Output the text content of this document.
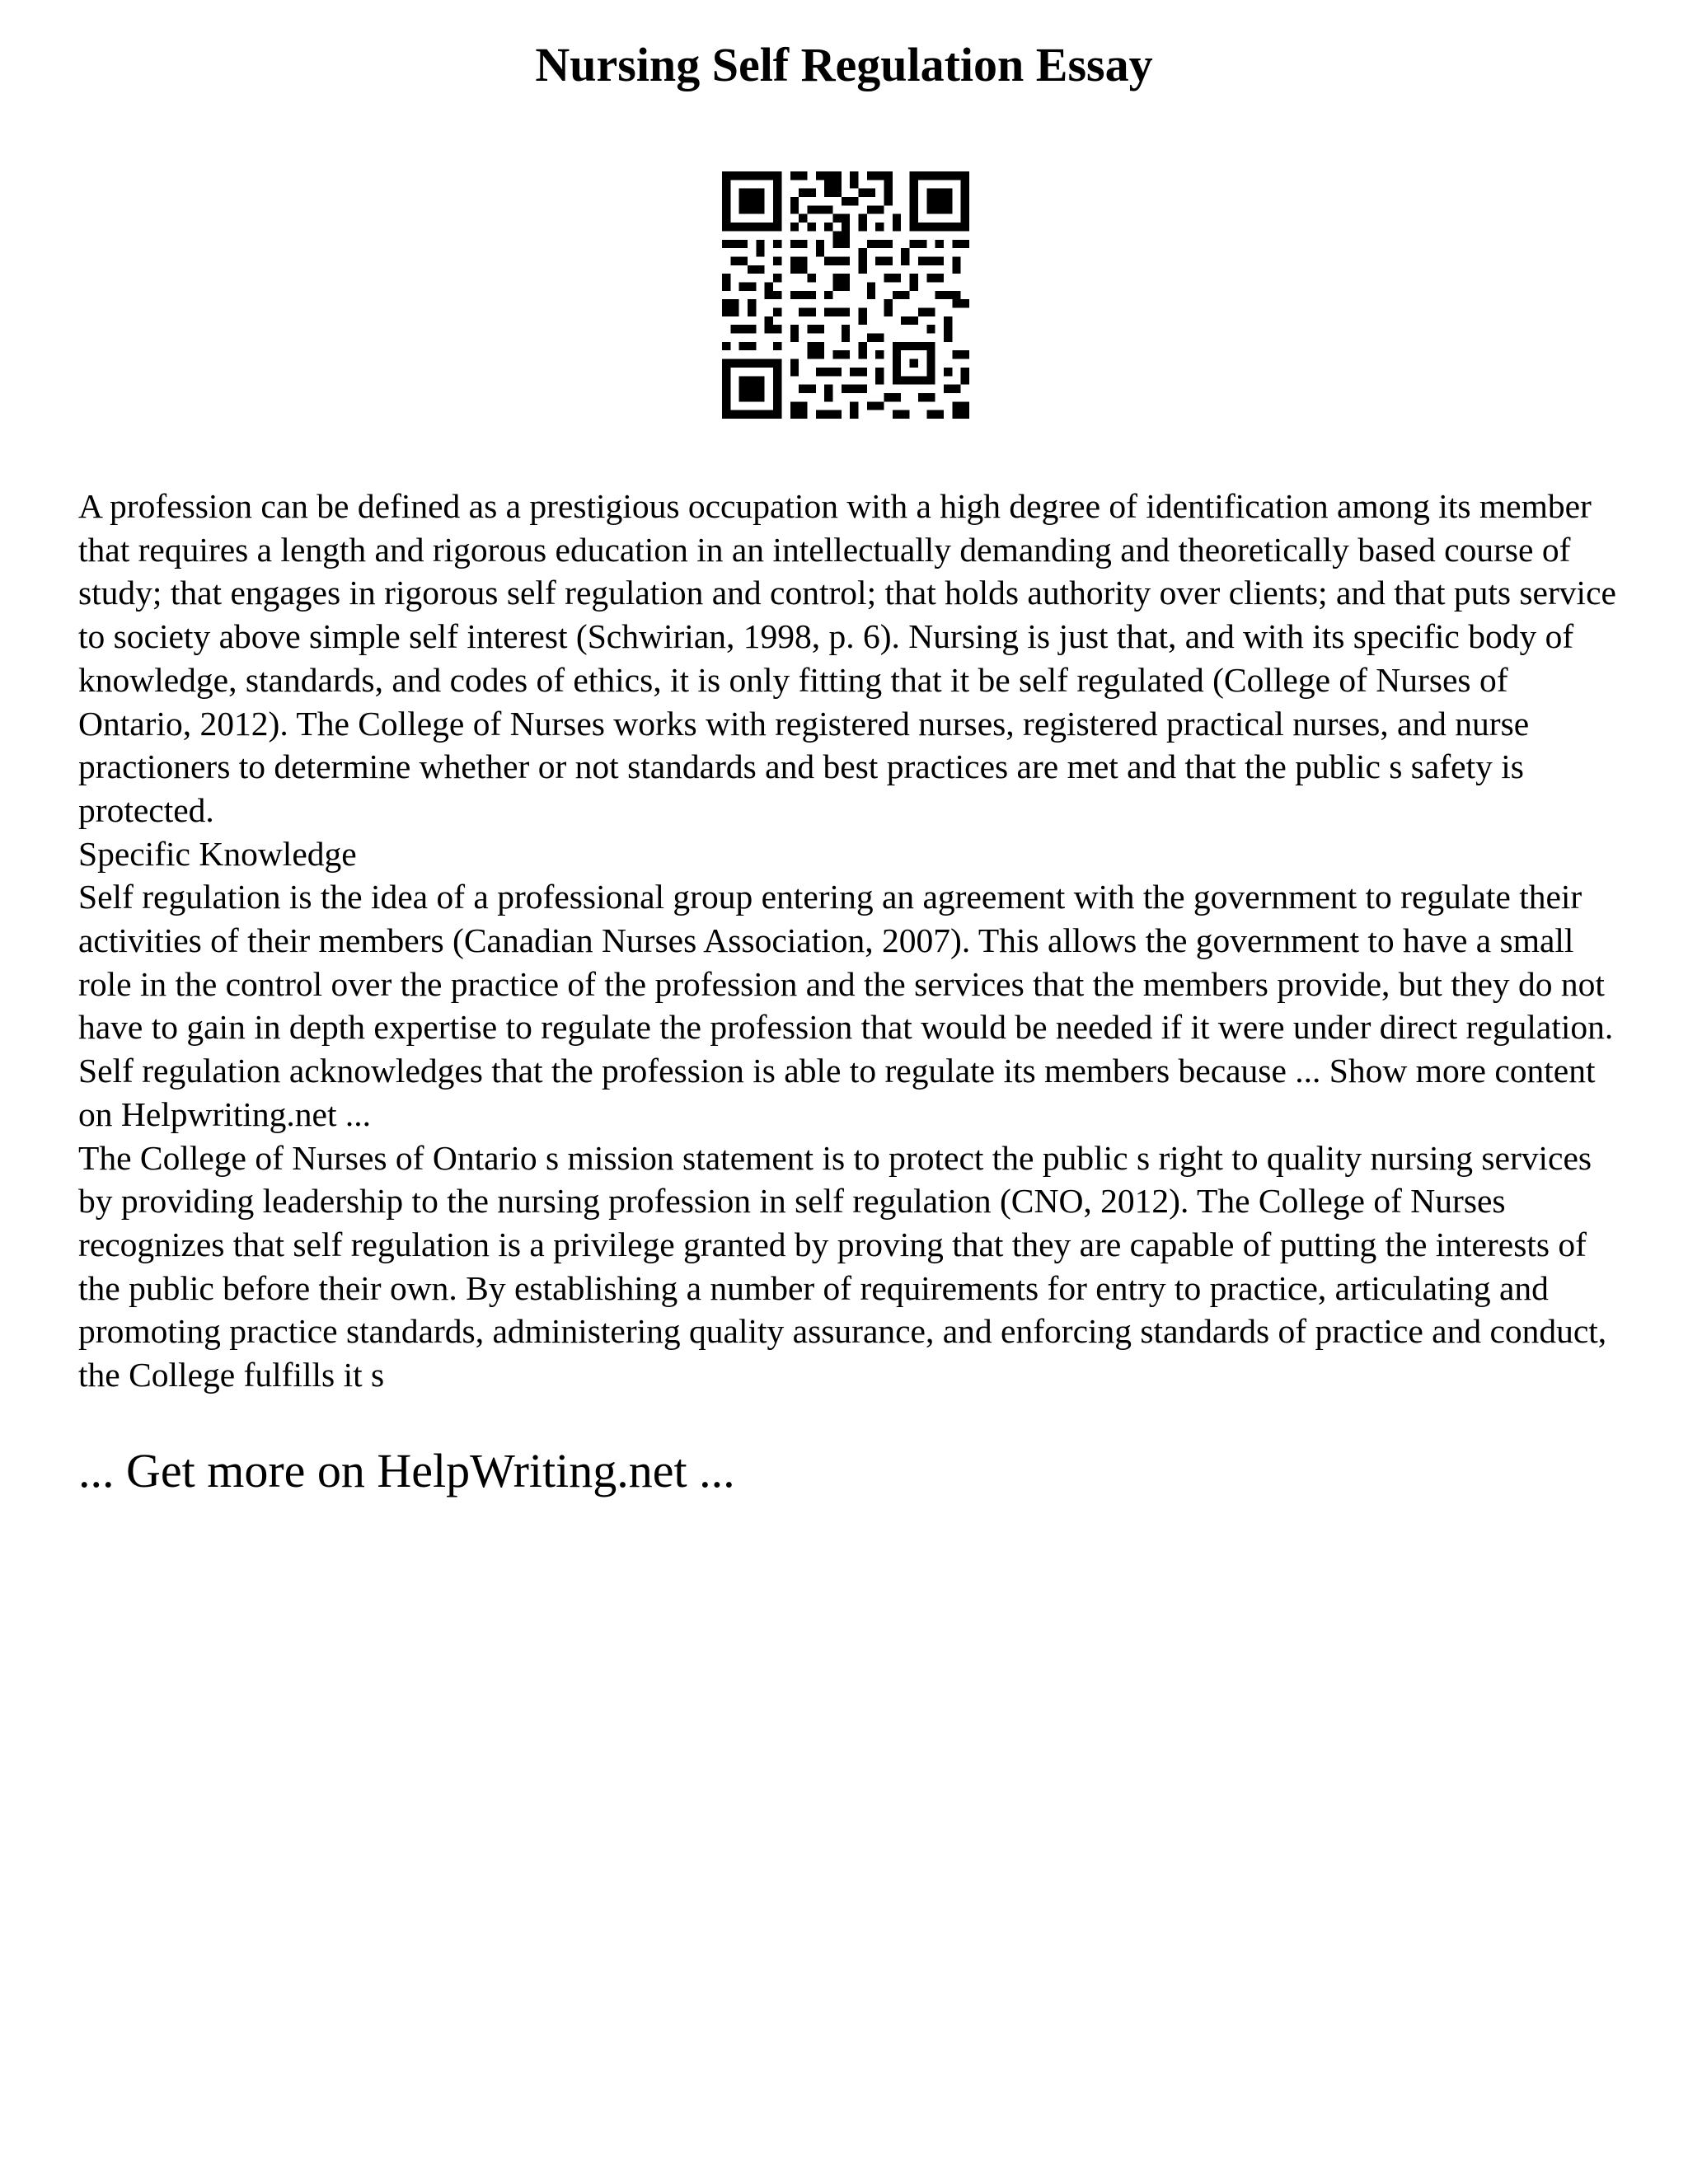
Nursing Self Regulation Essay

A profession can be defined as a prestigious occupation with a high degree of identification among its member that requires a length and rigorous education in an intellectually demanding and theoretically based course of study; that engages in rigorous self regulation and control; that holds authority over clients; and that puts service to society above simple self interest (Schwirian, 1998, p. 6). Nursing is just that, and with its specific body of knowledge, standards, and codes of ethics, it is only fitting that it be self regulated (College of Nurses of Ontario, 2012). The College of Nurses works with registered nurses, registered practical nurses, and nurse practioners to determine whether or not standards and best practices are met and that the public s safety is protected.

Specific Knowledge

Self regulation is the idea of a professional group entering an agreement with the government to regulate their activities of their members (Canadian Nurses Association, 2007). This allows the government to have a small role in the control over the practice of the profession and the services that the members provide, but they do not have to gain in depth expertise to regulate the profession that would be needed if it were under direct regulation. Self regulation acknowledges that the profession is able to regulate its members because ... Show more content on Helpwriting.net ...

The College of Nurses of Ontario s mission statement is to protect the public s right to quality nursing services by providing leadership to the nursing profession in self regulation (CNO, 2012). The College of Nurses recognizes that self regulation is a privilege granted by proving that they are capable of putting the interests of the public before their own. By establishing a number of requirements for entry to practice, articulating and promoting practice standards, administering quality assurance, and enforcing standards of practice and conduct, the College fulfills it s

... Get more on HelpWriting.net ...
